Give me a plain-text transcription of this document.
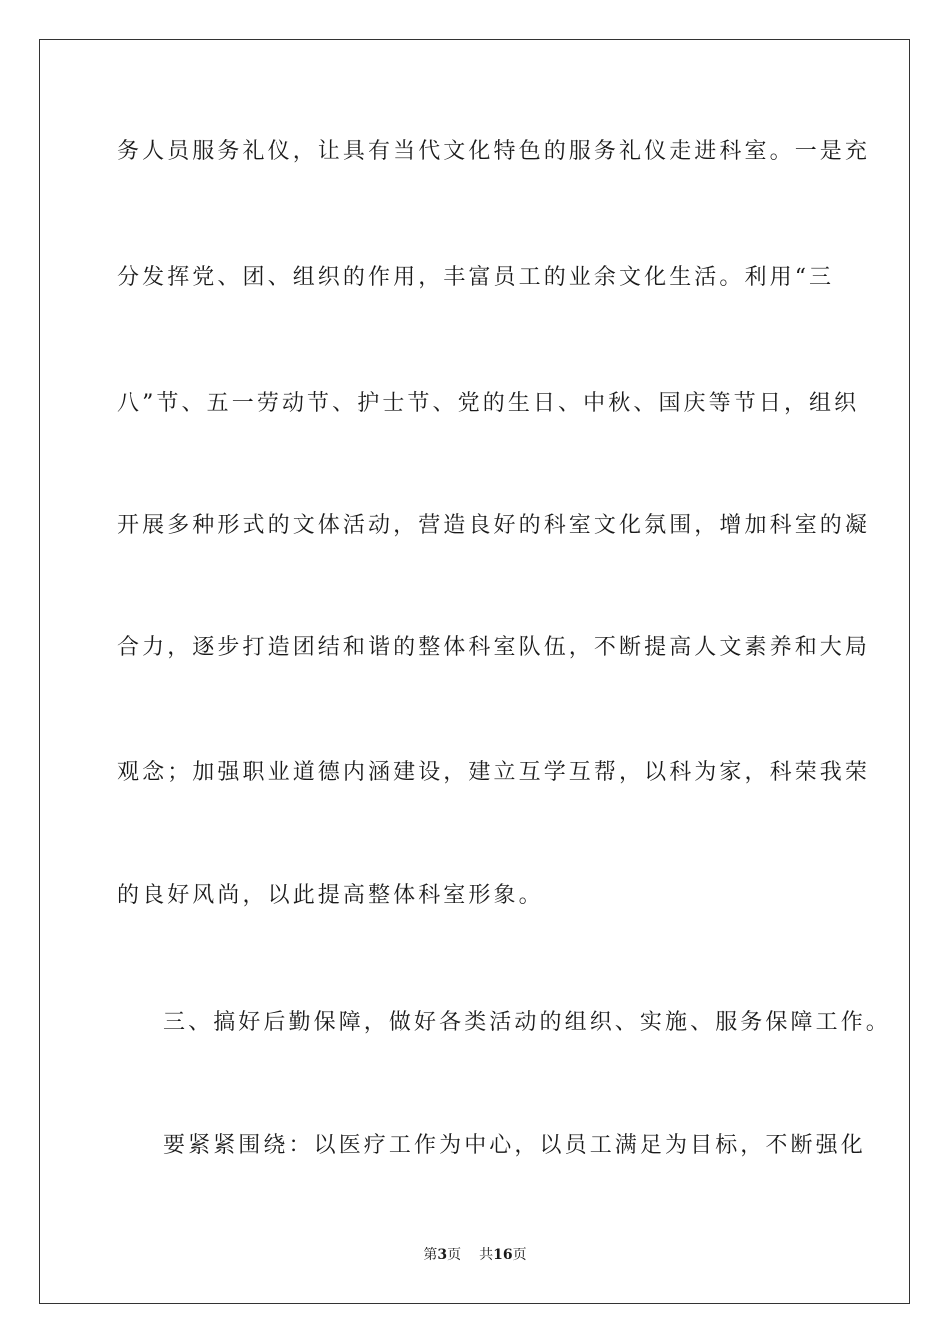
务人员服务礼仪，让具有当代文化特色的服务礼仪走进科室。一是充
分发挥党、团、组织的作用，丰富员工的业余文化生活。利用“三
八”节、五一劳动节、护士节、党的生日、中秋、国庆等节日，组织
开展多种形式的文体活动，营造良好的科室文化氛围，增加科室的凝
合力，逐步打造团结和谐的整体科室队伍，不断提高人文素养和大局
观念；加强职业道德内涵建设，建立互学互帮，以科为家，科荣我荣
的良好风尚，以此提高整体科室形象。
三、搞好后勤保障，做好各类活动的组织、实施、服务保障工作。
要紧紧围绕：以医疗工作为中心，以员工满足为目标，不断强化
第3页 共16页
